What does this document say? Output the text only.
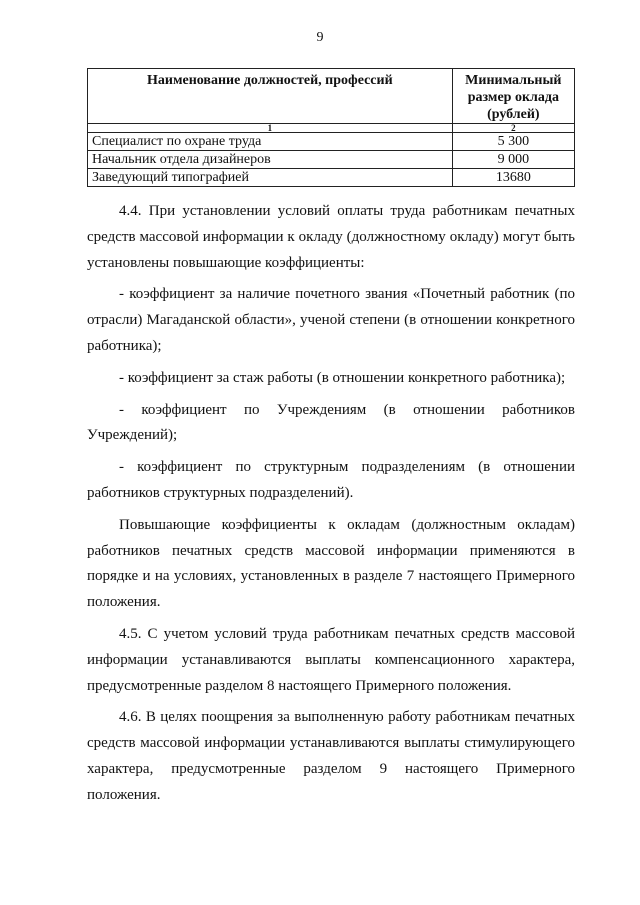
9
Наименование должностей, профессий	Минимальный размер оклада (рублей)
1	2
Специалист по охране труда	5 300
Начальник отдела дизайнеров	9 000
Заведующий типографией	13680

4.4. При установлении условий оплаты труда работникам печатных средств массовой информации к окладу (должностному окладу) могут быть установлены повышающие коэффициенты:

- коэффициент за наличие почетного звания «Почетный работник (по отрасли) Магаданской области», ученой степени (в отношении конкретного работника);

- коэффициент за стаж работы (в отношении конкретного работника);

- коэффициент по Учреждениям (в отношении работников Учреждений);

- коэффициент по структурным подразделениям (в отношении работников структурных подразделений).

Повышающие коэффициенты к окладам (должностным окладам) работников печатных средств массовой информации применяются в порядке и на условиях, установленных в разделе 7 настоящего Примерного положения.

4.5. С учетом условий труда работникам печатных средств массовой информации устанавливаются выплаты компенсационного характера, предусмотренные разделом 8 настоящего Примерного положения.

4.6. В целях поощрения за выполненную работу работникам печатных средств массовой информации устанавливаются выплаты стимулирующего характера, предусмотренные разделом 9 настоящего Примерного положения.
